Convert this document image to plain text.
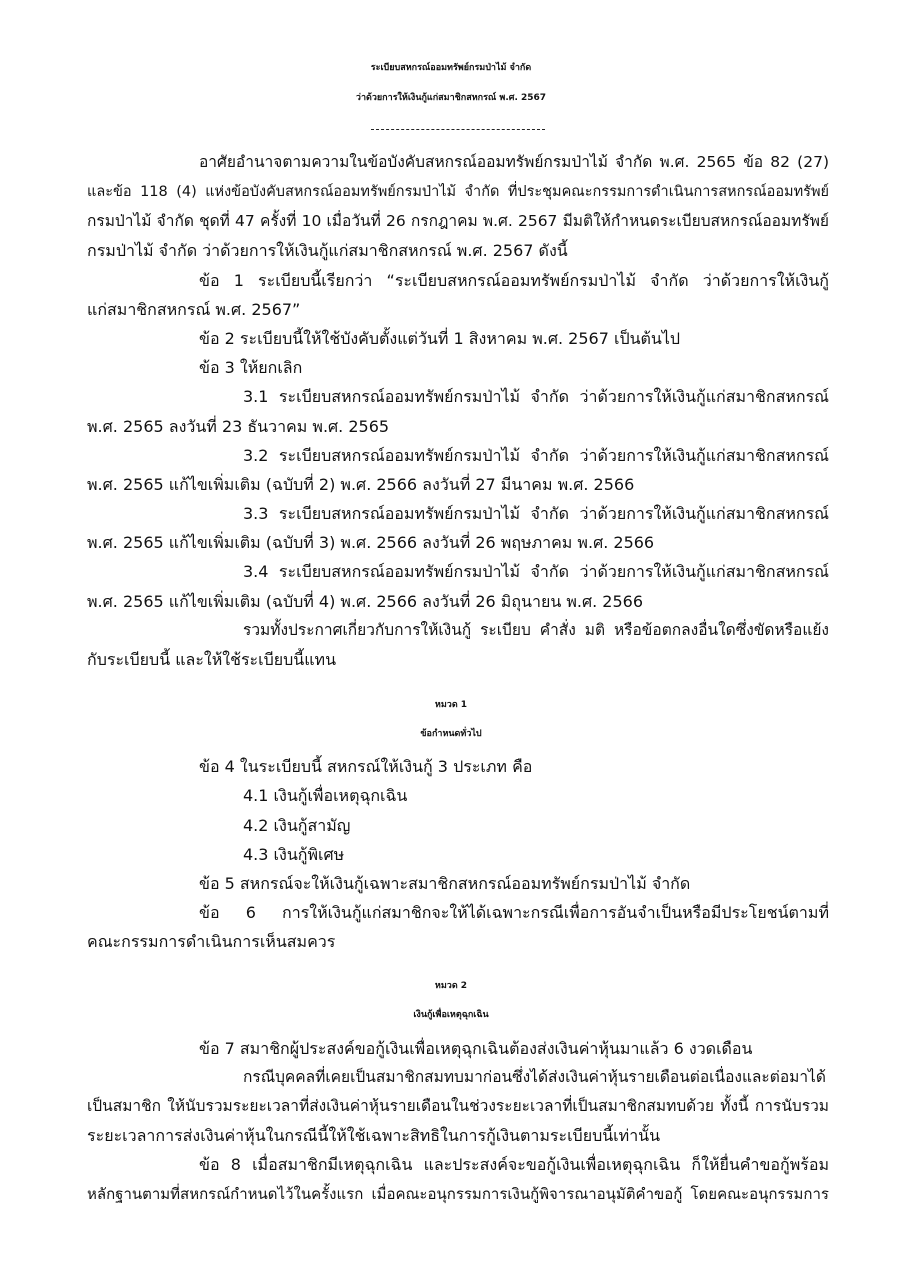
ระเบียบสหกรณ์ออมทรัพย์กรมป่าไม้ จำกัด
ว่าด้วยการให้เงินกู้แก่สมาชิกสหกรณ์ พ.ศ. 2567
อาศัยอำนาจตามความในข้อบังคับสหกรณ์ออมทรัพย์กรมป่าไม้ จำกัด พ.ศ. 2565 ข้อ 82 (27)
และข้อ 118 (4) แห่งข้อบังคับสหกรณ์ออมทรัพย์กรมป่าไม้ จำกัด ที่ประชุมคณะกรรมการดำเนินการสหกรณ์ออมทรัพย์
กรมป่าไม้ จำกัด ชุดที่ 47 ครั้งที่ 10 เมื่อวันที่ 26 กรกฎาคม พ.ศ. 2567 มีมติให้กำหนดระเบียบสหกรณ์ออมทรัพย์
กรมป่าไม้ จำกัด ว่าด้วยการให้เงินกู้แก่สมาชิกสหกรณ์ พ.ศ. 2567 ดังนี้
ข้อ 1 ระเบียบนี้เรียกว่า “ระเบียบสหกรณ์ออมทรัพย์กรมป่าไม้ จำกัด ว่าด้วยการให้เงินกู้
แก่สมาชิกสหกรณ์ พ.ศ. 2567”
ข้อ 2 ระเบียบนี้ให้ใช้บังคับตั้งแต่วันที่ 1 สิงหาคม พ.ศ. 2567 เป็นต้นไป
ข้อ 3 ให้ยกเลิก
3.1 ระเบียบสหกรณ์ออมทรัพย์กรมป่าไม้ จำกัด ว่าด้วยการให้เงินกู้แก่สมาชิกสหกรณ์
พ.ศ. 2565 ลงวันที่ 23 ธันวาคม พ.ศ. 2565
3.2 ระเบียบสหกรณ์ออมทรัพย์กรมป่าไม้ จำกัด ว่าด้วยการให้เงินกู้แก่สมาชิกสหกรณ์
พ.ศ. 2565 แก้ไขเพิ่มเติม (ฉบับที่ 2) พ.ศ. 2566 ลงวันที่ 27 มีนาคม พ.ศ. 2566
3.3 ระเบียบสหกรณ์ออมทรัพย์กรมป่าไม้ จำกัด ว่าด้วยการให้เงินกู้แก่สมาชิกสหกรณ์
พ.ศ. 2565 แก้ไขเพิ่มเติม (ฉบับที่ 3) พ.ศ. 2566 ลงวันที่ 26 พฤษภาคม พ.ศ. 2566
3.4 ระเบียบสหกรณ์ออมทรัพย์กรมป่าไม้ จำกัด ว่าด้วยการให้เงินกู้แก่สมาชิกสหกรณ์
พ.ศ. 2565 แก้ไขเพิ่มเติม (ฉบับที่ 4) พ.ศ. 2566 ลงวันที่ 26 มิถุนายน พ.ศ. 2566
รวมทั้งประกาศเกี่ยวกับการให้เงินกู้ ระเบียบ คำสั่ง มติ หรือข้อตกลงอื่นใดซึ่งขัดหรือแย้ง
กับระเบียบนี้ และให้ใช้ระเบียบนี้แทน
หมวด 1
ข้อกำหนดทั่วไป
ข้อ 4 ในระเบียบนี้ สหกรณ์ให้เงินกู้ 3 ประเภท คือ
4.1 เงินกู้เพื่อเหตุฉุกเฉิน
4.2 เงินกู้สามัญ
4.3 เงินกู้พิเศษ
ข้อ 5 สหกรณ์จะให้เงินกู้เฉพาะสมาชิกสหกรณ์ออมทรัพย์กรมป่าไม้ จำกัด
ข้อ 6 การให้เงินกู้แก่สมาชิกจะให้ได้เฉพาะกรณีเพื่อการอันจำเป็นหรือมีประโยชน์ตามที่
คณะกรรมการดำเนินการเห็นสมควร
หมวด 2
เงินกู้เพื่อเหตุฉุกเฉิน
ข้อ 7 สมาชิกผู้ประสงค์ขอกู้เงินเพื่อเหตุฉุกเฉินต้องส่งเงินค่าหุ้นมาแล้ว 6 งวดเดือน
กรณีบุคคลที่เคยเป็นสมาชิกสมทบมาก่อนซึ่งได้ส่งเงินค่าหุ้นรายเดือนต่อเนื่องและต่อมาได้
เป็นสมาชิก ให้นับรวมระยะเวลาที่ส่งเงินค่าหุ้นรายเดือนในช่วงระยะเวลาที่เป็นสมาชิกสมทบด้วย ทั้งนี้ การนับรวม
ระยะเวลาการส่งเงินค่าหุ้นในกรณีนี้ให้ใช้เฉพาะสิทธิในการกู้เงินตามระเบียบนี้เท่านั้น
ข้อ 8 เมื่อสมาชิกมีเหตุฉุกเฉิน และประสงค์จะขอกู้เงินเพื่อเหตุฉุกเฉิน ก็ให้ยื่นคำขอกู้พร้อม
หลักฐานตามที่สหกรณ์กำหนดไว้ในครั้งแรก เมื่อคณะอนุกรรมการเงินกู้พิจารณาอนุมัติคำขอกู้ โดยคณะอนุกรรมการ
